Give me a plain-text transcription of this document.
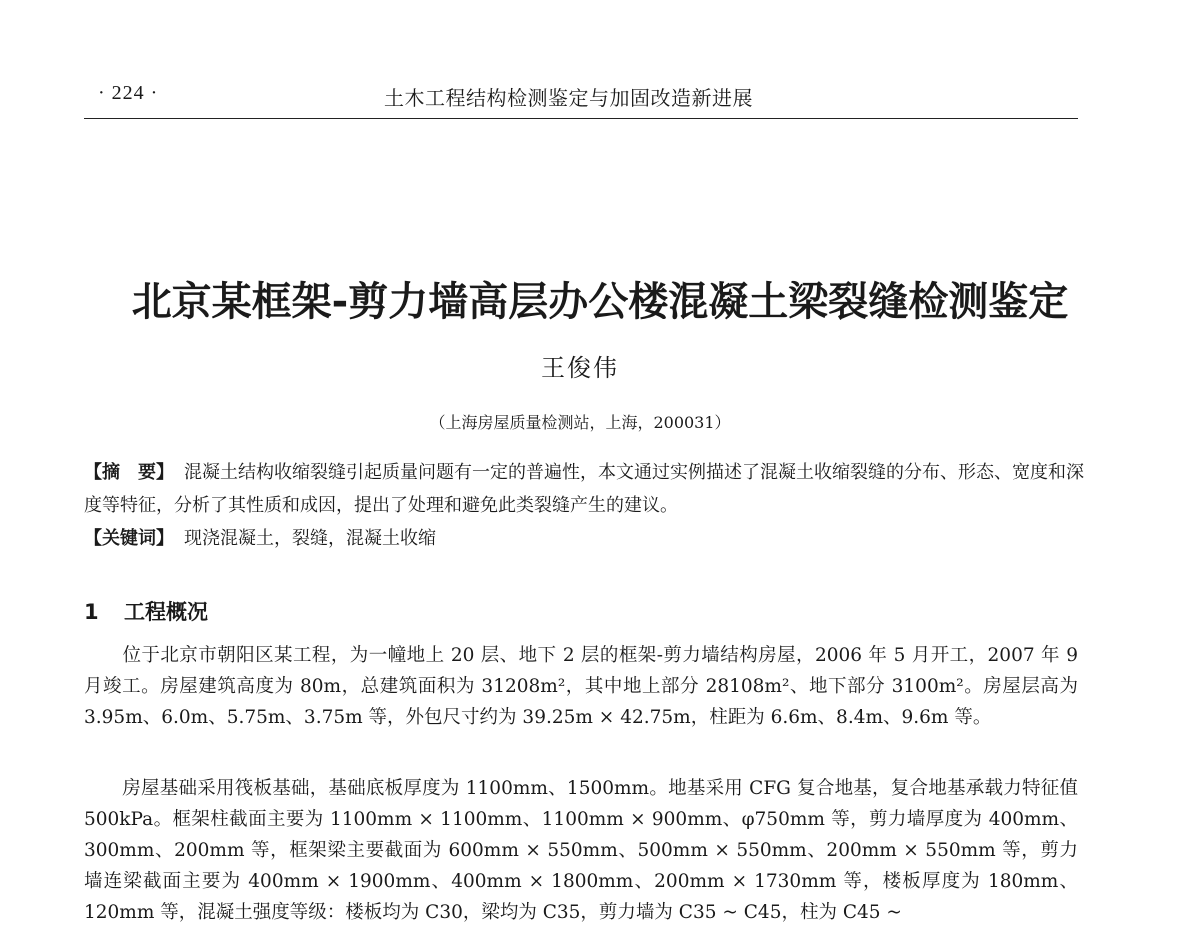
· 224 ·	土木工程结构检测鉴定与加固改造新进展
北京某框架-剪力墙高层办公楼混凝土梁裂缝检测鉴定
王俊伟
（上海房屋质量检测站，上海，200031）
【摘　要】 混凝土结构收缩裂缝引起质量问题有一定的普遍性，本文通过实例描述了混凝土收缩裂缝的分布、形态、宽度和深度等特征，分析了其性质和成因，提出了处理和避免此类裂缝产生的建议。
【关键词】 现浇混凝土，裂缝，混凝土收缩
1 工程概况
位于北京市朝阳区某工程，为一幢地上 20 层、地下 2 层的框架-剪力墙结构房屋，2006 年 5 月开工，2007 年 9 月竣工。房屋建筑高度为 80m，总建筑面积为 31208m²，其中地上部分 28108m²、地下部分 3100m²。房屋层高为 3.95m、6.0m、5.75m、3.75m 等，外包尺寸约为 39.25m × 42.75m，柱距为 6.6m、8.4m、9.6m 等。
房屋基础采用筏板基础，基础底板厚度为 1100mm、1500mm。地基采用 CFG 复合地基，复合地基承载力特征值 500kPa。框架柱截面主要为 1100mm × 1100mm、1100mm × 900mm、φ750mm 等，剪力墙厚度为 400mm、300mm、200mm 等，框架梁主要截面为 600mm × 550mm、500mm × 550mm、200mm × 550mm 等，剪力墙连梁截面主要为 400mm × 1900mm、400mm × 1800mm、200mm × 1730mm 等，楼板厚度为 180mm、120mm 等，混凝土强度等级：楼板均为 C30，梁均为 C35，剪力墙为 C35 ~ C45，柱为 C45 ~
